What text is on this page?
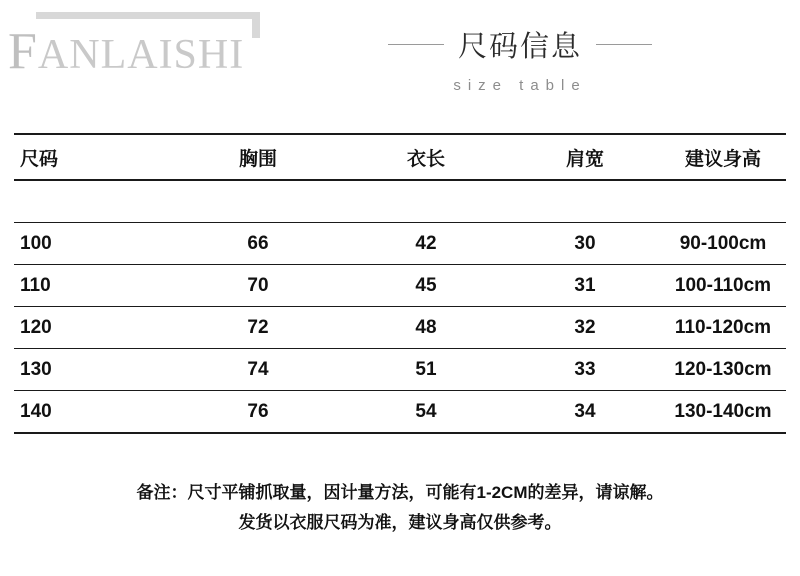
FANLAISHI	尺码信息
size table
尺码	胸围	衣长	肩宽	建议身高

100	66	42	30	90-100cm
110	70	45	31	100-110cm
120	72	48	32	110-120cm
130	74	51	33	120-130cm
140	76	54	34	130-140cm
备注：尺寸平铺抓取量，因计量方法，可能有1-2CM的差异，请谅解。
发货以衣服尺码为准，建议身高仅供参考。
